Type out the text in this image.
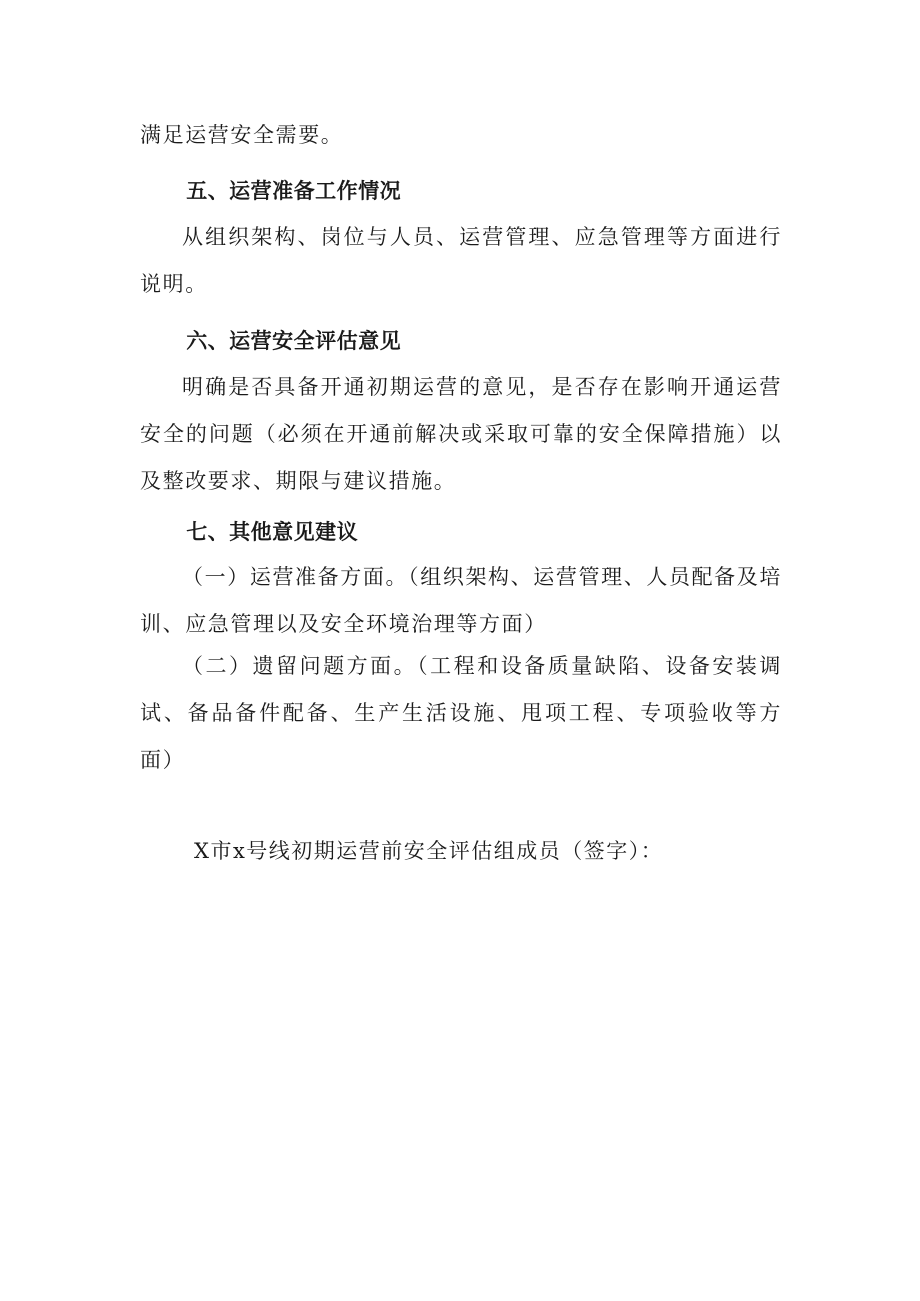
满足运营安全需要。

五、运营准备工作情况

从组织架构、岗位与人员、运营管理、应急管理等方面进行说明。

六、运营安全评估意见

明确是否具备开通初期运营的意见，是否存在影响开通运营安全的问题（必须在开通前解决或采取可靠的安全保障措施）以及整改要求、期限与建议措施。

七、其他意见建议

（一）运营准备方面。（组织架构、运营管理、人员配备及培训、应急管理以及安全环境治理等方面）

（二）遗留问题方面。（工程和设备质量缺陷、设备安装调试、备品备件配备、生产生活设施、甩项工程、专项验收等方面）

X市x号线初期运营前安全评估组成员（签字）：
